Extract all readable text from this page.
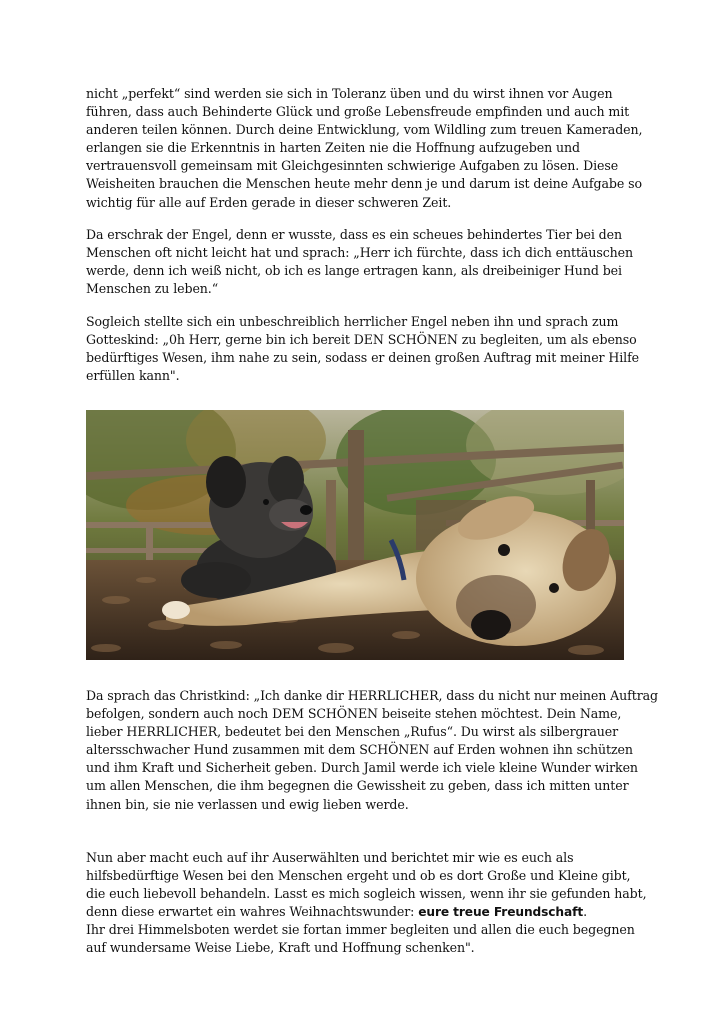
nicht „perfekt“ sind werden sie sich in Toleranz üben und du wirst ihnen vor Augen
führen, dass auch Behinderte Glück und große Lebensfreude empfinden und auch mit
anderen teilen können. Durch deine Entwicklung, vom Wildling zum treuen Kameraden,
erlangen sie die Erkenntnis in harten Zeiten nie die Hoffnung aufzugeben und
vertrauensvoll gemeinsam mit Gleichgesinnten schwierige Aufgaben zu lösen. Diese
Weisheiten brauchen die Menschen heute mehr denn je und darum ist deine Aufgabe so
wichtig für alle auf Erden gerade in dieser schweren Zeit.

Da erschrak der Engel, denn er wusste, dass es ein scheues behindertes Tier bei den
Menschen oft nicht leicht hat und sprach: „Herr ich fürchte, dass ich dich enttäuschen
werde, denn ich weiß nicht, ob ich es lange ertragen kann, als dreibeiniger Hund bei
Menschen zu leben.“

Sogleich stellte sich ein unbeschreiblich herrlicher Engel neben ihn und sprach zum
Gotteskind: „0h Herr, gerne bin ich bereit DEN SCHÖNEN zu begleiten, um als ebenso
bedürftiges Wesen, ihm nahe zu sein, sodass er deinen großen Auftrag mit meiner Hilfe
erfüllen kann".

Da sprach das Christkind: „Ich danke dir HERRLICHER, dass du nicht nur meinen Auftrag
befolgen, sondern auch noch DEM SCHÖNEN beiseite stehen möchtest. Dein Name,
lieber HERRLICHER, bedeutet bei den Menschen „Rufus“. Du wirst als silbergrauer
altersschwacher Hund zusammen mit dem SCHÖNEN auf Erden wohnen ihn schützen
und ihm Kraft und Sicherheit geben. Durch Jamil werde ich viele kleine Wunder wirken
um allen Menschen, die ihm begegnen die Gewissheit zu geben, dass ich mitten unter
ihnen bin, sie nie verlassen und ewig lieben werde.

Nun aber macht euch auf ihr Auserwählten und berichtet mir wie es euch als
hilfsbedürftige Wesen bei den Menschen ergeht und ob es dort Große und Kleine gibt,
die euch liebevoll behandeln. Lasst es mich sogleich wissen, wenn ihr sie gefunden habt,
denn diese erwartet ein wahres Weihnachtswunder: eure treue Freundschaft.
Ihr drei Himmelsboten werdet sie fortan immer begleiten und allen die euch begegnen
auf wundersame Weise Liebe, Kraft und Hoffnung schenken".
